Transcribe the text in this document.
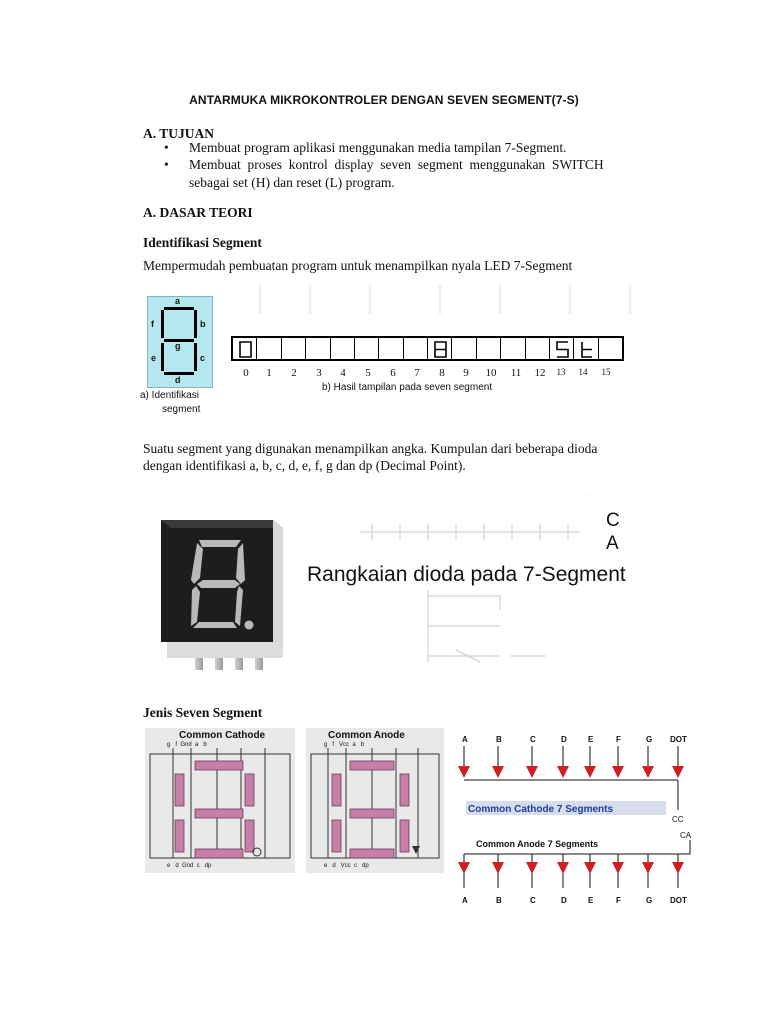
ANTARMUKA MIKROKONTROLER DENGAN SEVEN SEGMENT(7-S)
A. TUJUAN
• Membuat program aplikasi menggunakan media tampilan 7-Segment.
• Membuat  proses  kontrol  display  seven  segment  menggunakan  SWITCH
sebagai set (H) dan reset (L) program.
A. DASAR TEORI
Identifikasi Segment
Mempermudah pembuatan program untuk menampilkan nyala LED 7-Segment
a
b
c
d
e
f
g
a) Identifikasi
segment
0	1	2	3	4	5	6	7	8	9	10	11	12	13	14	15
b) Hasil tampilan pada seven segment
Suatu segment yang digunakan menampilkan angka. Kumpulan dari beberapa dioda
dengan identifikasi a, b, c, d, e, f, g dan dp (Decimal Point).
· · · · ·
C
A
Rangkaian dioda pada 7-Segment
Jenis Seven Segment
Common Cathode
g   f  Gnd  a   b
e   d  Gnd  c   dp
Common Anode
g   f   Vcc  a   b
e   d   Vcc  c   dp
A	B	C	D	E	F	G DOT
Common Cathode 7 Segments
CC
CA
Common Anode 7 Segments
A	B	C	D	E	F	G DOT
